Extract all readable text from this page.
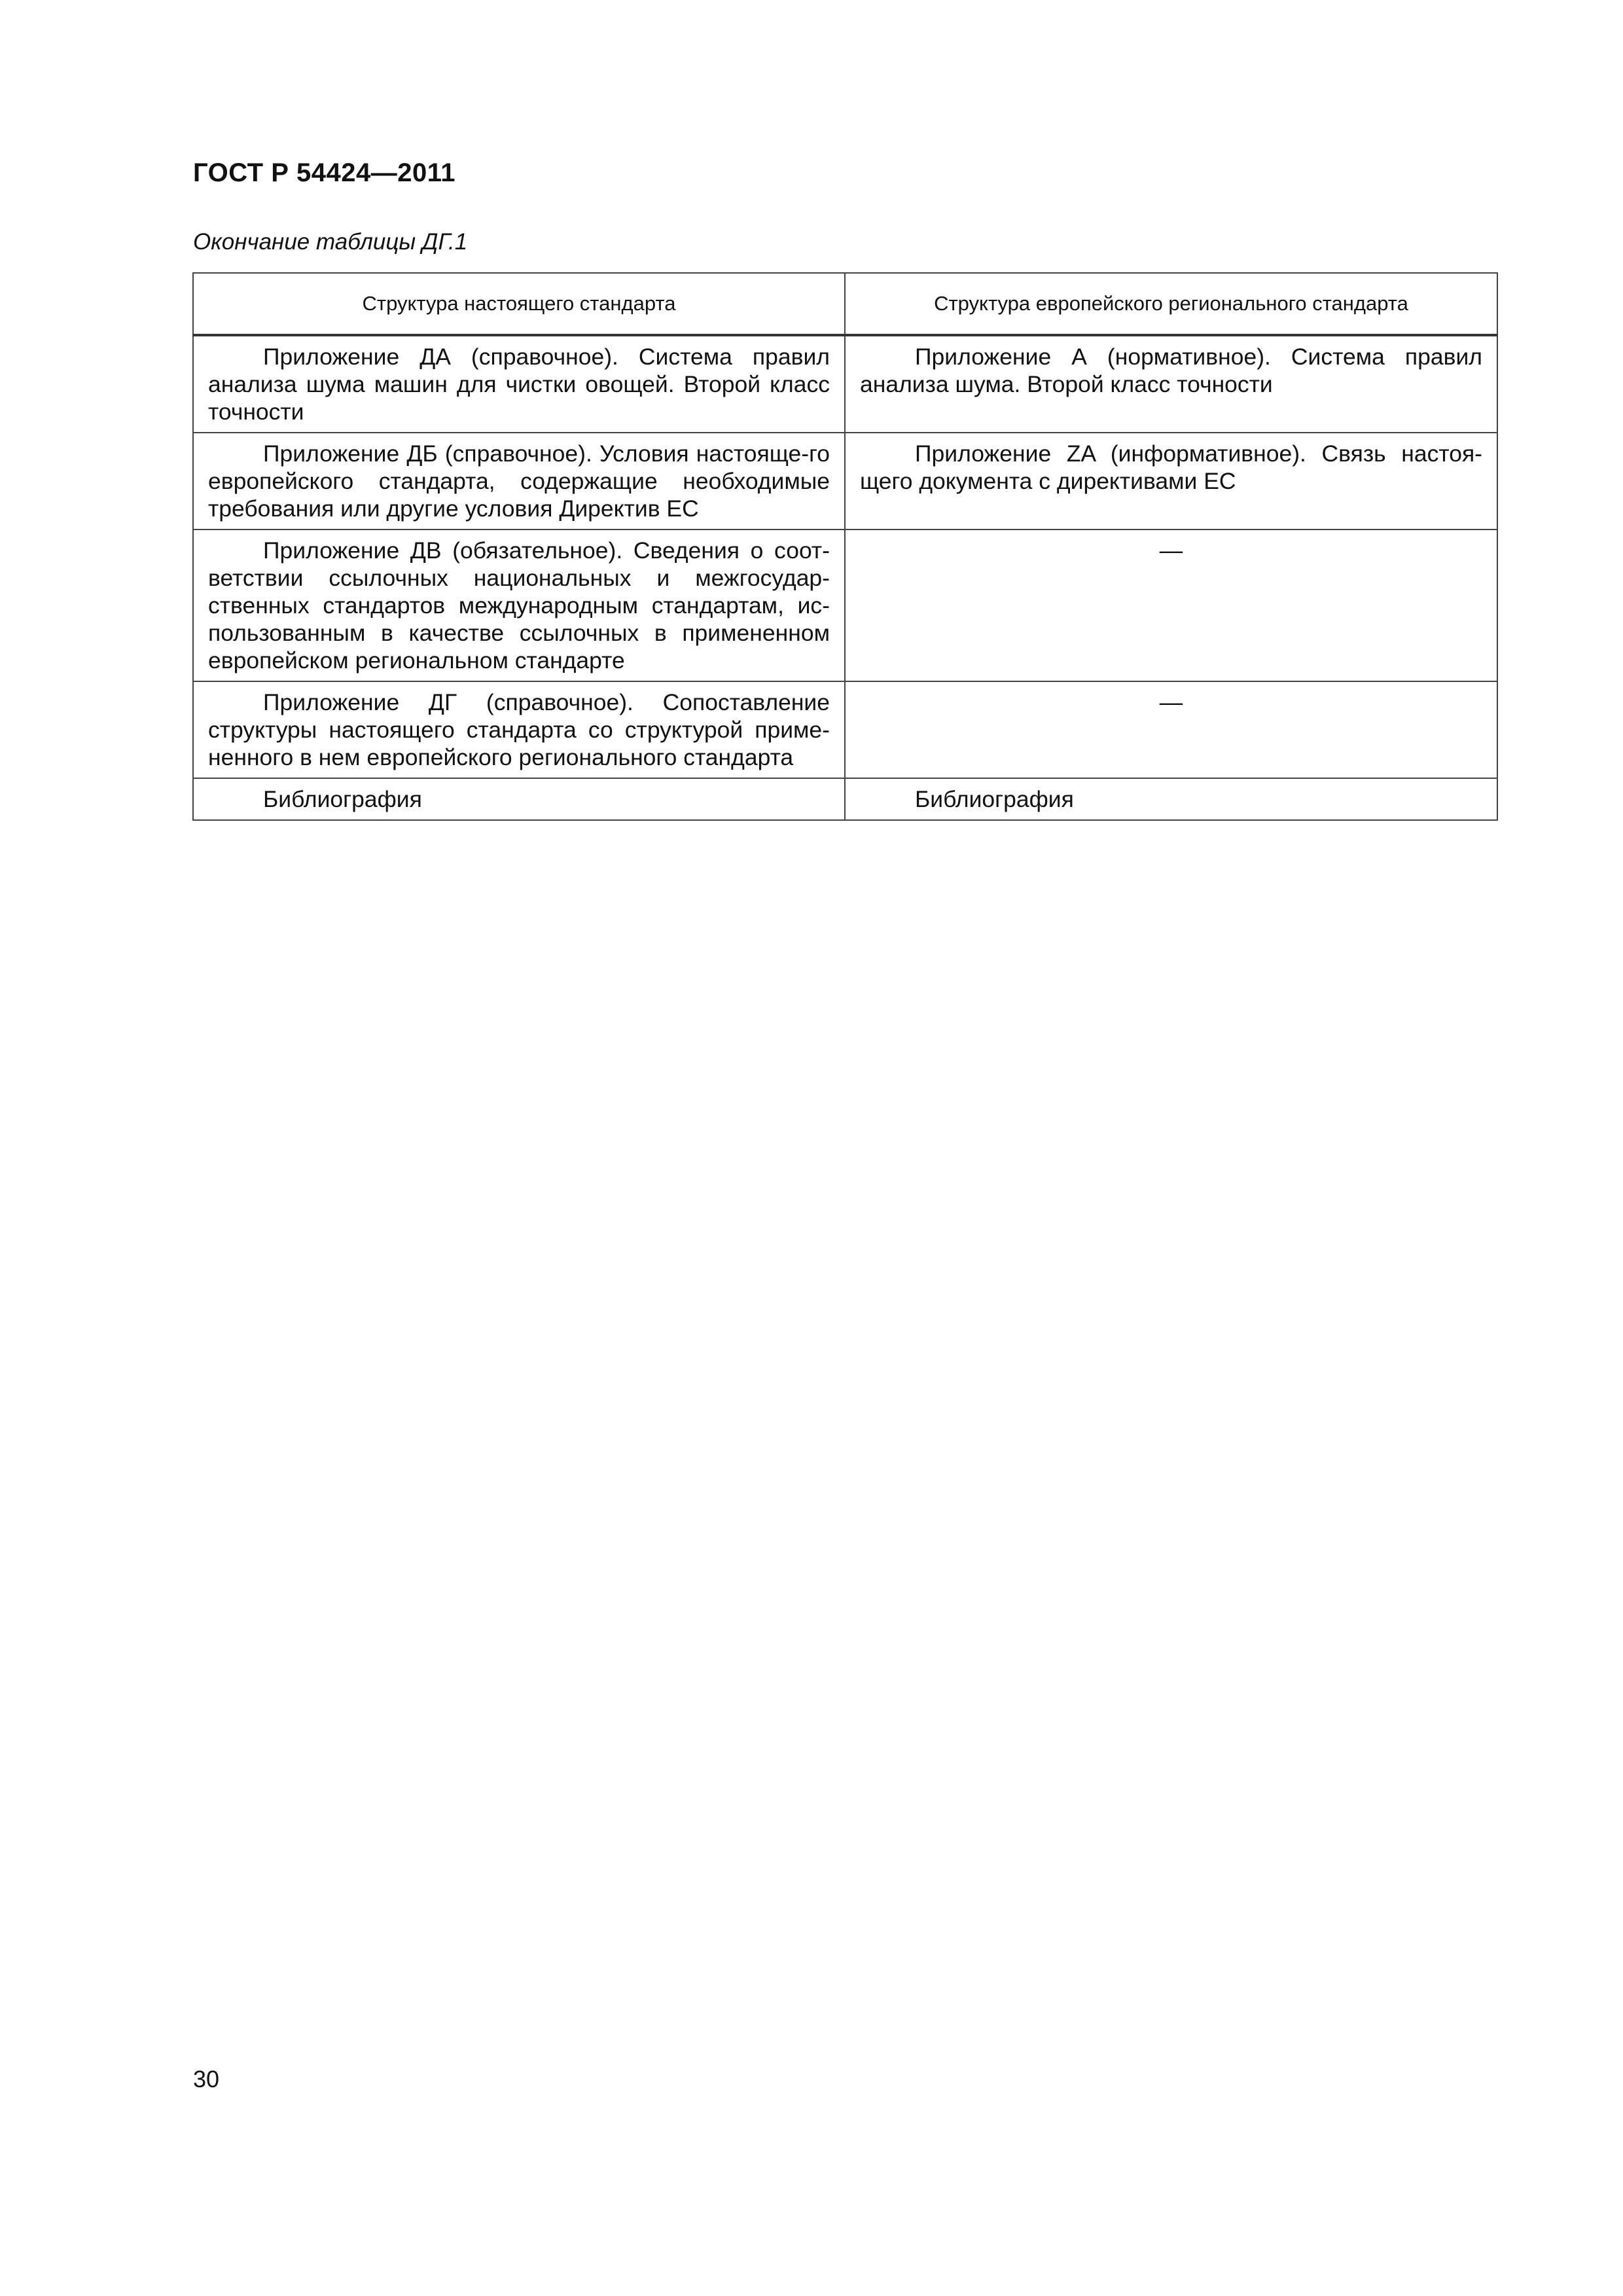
ГОСТ Р 54424—2011
Окончание таблицы ДГ.1
Структура настоящего стандарта	Структура европейского регионального стандарта

Приложение ДА (справочное). Система правил анализа шума машин для чистки овощей. Второй класс точности	Приложение А (нормативное). Система правил анализа шума. Второй класс точности

Приложение ДБ (справочное). Условия настояще-го европейского стандарта, содержащие необходимые требования или другие условия Директив ЕС	Приложение ZA (информативное). Связь настоя-щего документа с директивами ЕС

Приложение ДВ (обязательное). Сведения о соот-ветствии ссылочных национальных и межгосудар-ственных стандартов международным стандартам, ис-пользованным в качестве ссылочных в примененном европейском региональном стандарте	—

Приложение ДГ (справочное). Сопоставление структуры настоящего стандарта со структурой приме-ненного в нем европейского регионального стандарта	—

Библиография	Библиография
30
